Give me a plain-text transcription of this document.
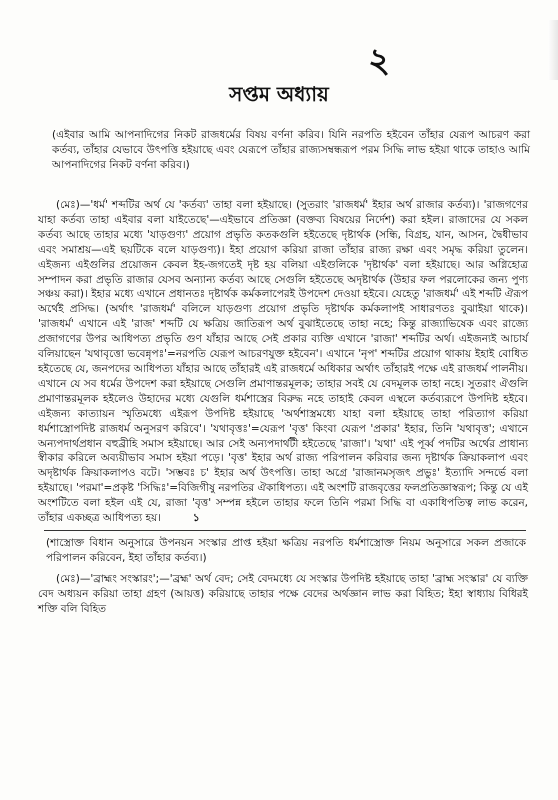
২
সপ্তম অধ্যায়

(এইবার আমি আপনাদিগের নিকট রাজধর্মের বিষয় বর্ণনা করিব। যিনি নরপতি হইবেন তাঁহার যেরূপ আচরণ করা কর্তব্য, তাঁহার যেভাবে উৎপত্তি হইয়াছে এবং যেরূপে তাঁহার রাজ্যসম্বন্ধরূপ পরম সিদ্ধি লাভ হইয়া থাকে তাহাও আমি আপনাদিগের নিকট বর্ণনা করিব।)

(মেঃ)—'ধর্ম' শব্দটির অর্থ যে 'কর্তব্য' তাহা বলা হইয়াছে। (সুতরাং 'রাজধর্ম' ইহার অর্থ রাজার কর্তব্য)। 'রাজগণের যাহা কর্তব্য তাহা এইবার বলা যাইতেছে'—এইভাবে প্রতিজ্ঞা (বক্তব্য বিষয়ের নির্দেশ) করা হইল। রাজাদের যে সকল কর্তব্য আছে তাহার মধ্যে 'যাড়গুণ্য' প্রয়োগ প্রভৃতি কতকগুলি হইতেছে দৃষ্টার্থক (সন্ধি, বিগ্রহ, যান, আসন, দ্বৈধীভাব এবং সমাশ্রয়—এই ছয়টিকে বলে যাড়গুণ্য)। ইহা প্রয়োগ করিয়া রাজা তাঁহার রাজ্য রক্ষা এবং সমৃদ্ধ করিয়া তুলেন। এইজন্য এইগুলির প্রয়োজন কেবল ইহ-জগতেই দৃষ্ট হয় বলিয়া এইগুলিকে 'দৃষ্টার্থক' বলা হইয়াছে। আর অগ্নিহোত্র সম্পাদন করা প্রভৃতি রাজার যেসব অন্যান্য কর্তব্য আছে সেগুলি হইতেছে অদৃষ্টার্থক (উহার ফল পরলোকের জন্য পুণ্য সঞ্চয় করা)। ইহার মধ্যে এখানে প্রধানতঃ দৃষ্টার্থক কর্মকলাপেরই উপদেশ দেওয়া হইবে। যেহেতু 'রাজধর্ম' এই শব্দটি ঐরূপ অর্থেই প্রসিদ্ধ। (অর্থাৎ 'রাজধর্ম' বলিলে যাড়গুণ্য প্রয়োগ প্রভৃতি দৃষ্টার্থক কর্মকলাপই সাধারণতঃ বুঝাইয়া থাকে)। 'রাজধর্ম' এখানে এই 'রাজ' শব্দটি যে ক্ষত্রিয় জাতিরূপ অর্থ বুঝাইতেছে তাহা নহে; কিন্তু রাজ্যাভিষেক এবং রাজ্যে প্রজাগণের উপর আধিপত্য প্রভৃতি গুণ যাঁহার আছে সেই প্রকার ব্যক্তি এখানে 'রাজা' শব্দটির অর্থ। এইজন্যই আচার্য বলিয়াছেন 'যথাবৃত্তো ভবেন্নৃপঃ'=নরপতি যেরূপ আচরণযুক্ত হইবেন'। এখানে 'নৃপ' শব্দটির প্রয়োগ থাকায় ইহাই বোধিত হইতেছে যে, জনপদের আধিপত্য যাঁহার আছে তাঁহারই এই রাজধর্মে অধিকার অর্থাৎ তাঁহারই পক্ষে এই রাজধর্ম পালনীয়। এখানে যে সব ধর্মের উপদেশ করা হইয়াছে সেগুলি প্রমাণান্তরমূলক; তাহার সবই যে বেদমূলক তাহা নহে। সুতরাং ঐগুলি প্রমাণান্তরমূলক হইলেও উহাদের মধ্যে যেগুলি ধর্মশাস্ত্রের বিরুদ্ধ নহে তাহাই কেবল এস্থলে কর্তব্যরূপে উপদিষ্ট হইবে। এইজন্য কাত্যায়ন স্মৃতিমধ্যে এইরূপ উপদিষ্ট হইয়াছে 'অর্থশাস্ত্রমধ্যে যাহা বলা হইয়াছে তাহা পরিত্যাগ করিয়া ধর্মশাস্ত্রোপদিষ্ট রাজধর্ম অনুসরণ করিবে'। 'যথাবৃত্তঃ'=যেরূপ 'বৃত্ত' কিংবা যেরূপ 'প্রকার' ইহার, তিনি 'যথাবৃত্ত'; এখানে অন্যপদার্থপ্রধান বহুব্রীহি সমাস হইয়াছে। আর সেই অন্যপদার্থটী হইতেছে 'রাজা'। 'যথা' এই পূর্ব্ব পদটির অর্থের প্রাধান্য স্বীকার করিলে অব্যয়ীভাব সমাস হইয়া পড়ে। 'বৃত্ত' ইহার অর্থ রাজ্য পরিপালন করিবার জন্য দৃষ্টার্থক ক্রিয়াকলাপ এবং অদৃষ্টার্থক ক্রিয়াকলাপও বটে। 'সম্ভবঃ চ' ইহার অর্থ উৎপত্তি। তাহা অগ্রে 'রাজানমসৃজৎ প্রভুঃ' ইত্যাদি সন্দর্ভে বলা হইয়াছে। 'পরমা'=প্রকৃষ্ট 'সিদ্ধিঃ'=বিজিগীষু নরপতির ঐকাধিপত্য। এই অংশটি রাজবৃত্তের ফলপ্রতিজ্ঞাস্বরূপ; কিন্তু যে এই অংশটিতে বলা হইল এই যে, রাজা 'বৃত্ত' সম্পন্ন হইলে তাহার ফলে তিনি পরমা সিদ্ধি বা একাধিপতিত্ব লাভ করেন, তাঁহার একচ্ছত্র আধিপত্য হয়।	১

(শাস্ত্রোক্ত বিধান অনুসারে উপনয়ন সংস্কার প্রাপ্ত হইয়া ক্ষত্রিয় নরপতি ধর্মশাস্ত্রোক্ত নিয়ম অনুসারে সকল প্রজাকে পরিপালন করিবেন, ইহা তাঁহার কর্তব্য।)

(মেঃ)—'ব্রাহ্মং সংস্কারং';—'ব্রহ্ম' অর্থ বেদ; সেই বেদমধ্যে যে সংস্কার উপদিষ্ট হইয়াছে তাহা 'ব্রাহ্ম সংস্কার' যে ব্যক্তি বেদ অধ্যয়ন করিয়া তাহা গ্রহণ (আয়ত্ত) করিয়াছে তাহার পক্ষে বেদের অর্থজ্ঞান লাভ করা বিহিত; ইহা স্বাধ্যায় বিধিরই শক্তি বলি বিহিত
